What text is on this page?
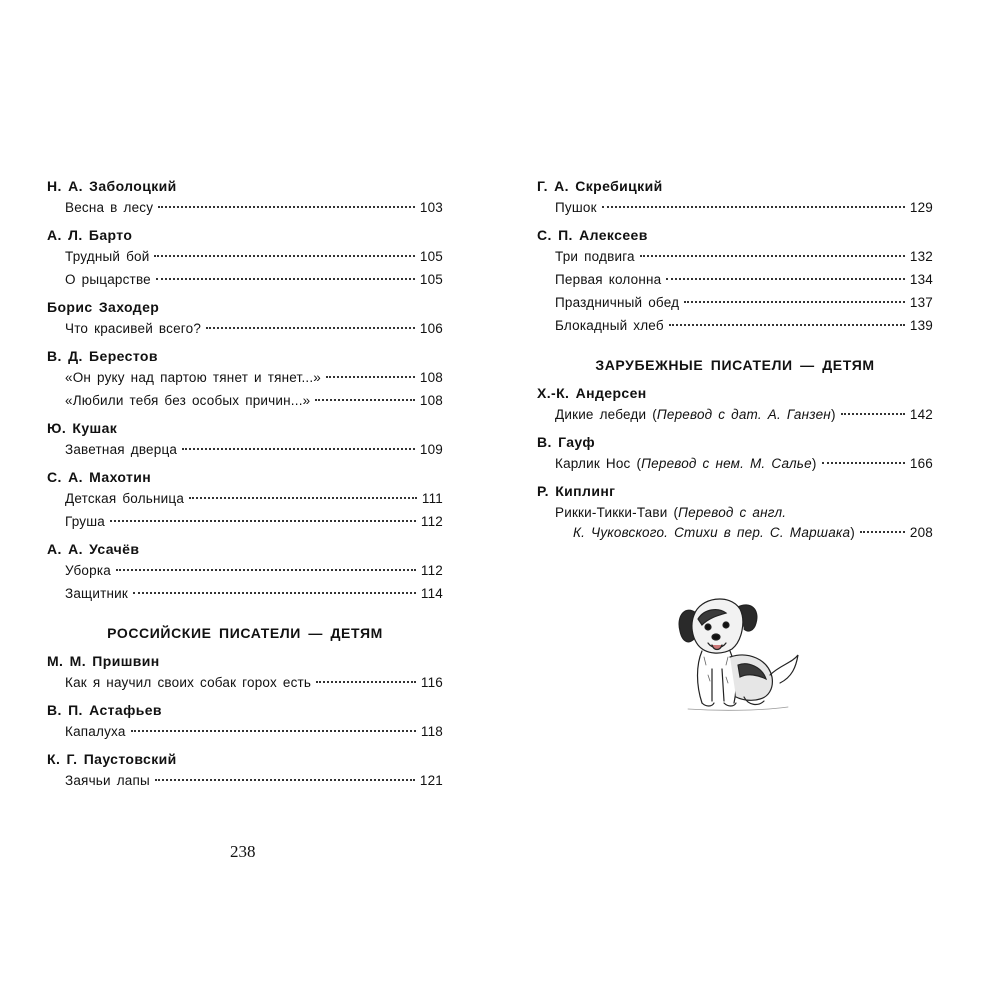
Н. А. Заболоцкий
Весна в лесу	103
А. Л. Барто
Трудный бой	105
О рыцарстве	105
Борис Заходер
Что красивей всего?	106
В. Д. Берестов
«Он руку над партою тянет и тянет...»	108
«Любили тебя без особых причин...»	108
Ю. Кушак
Заветная дверца	109
С. А. Махотин
Детская больница	111
Груша	112
А. А. Усачёв
Уборка	112
Защитник	114
РОССИЙСКИЕ ПИСАТЕЛИ — ДЕТЯМ
М. М. Пришвин
Как я научил своих собак горох есть	116
В. П. Астафьев
Капалуха	118
К. Г. Паустовский
Заячьи лапы	121
Г. А. Скребицкий
Пушок	129
С. П. Алексеев
Три подвига	132
Первая колонна	134
Праздничный обед	137
Блокадный хлеб	139
ЗАРУБЕЖНЫЕ ПИСАТЕЛИ — ДЕТЯМ
Х.-К. Андерсен
Дикие лебеди (Перевод с дат. А. Ганзен)	142
В. Гауф
Карлик Нос (Перевод с нем. М. Салье)	166
Р. Киплинг
Рикки-Тикки-Тави (Перевод с англ.
К. Чуковского. Стихи в пер. С. Маршака)	208
238
